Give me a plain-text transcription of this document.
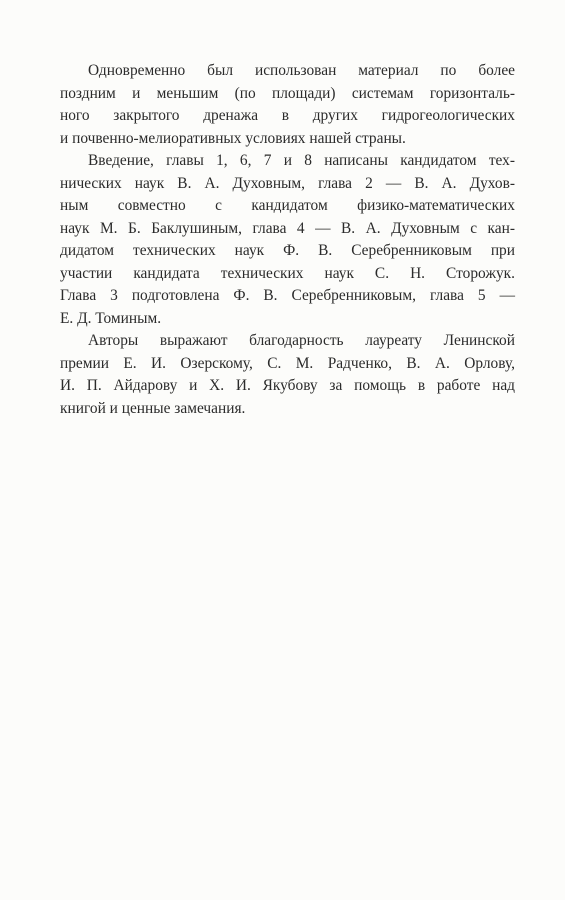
Одновременно был использован материал по более
поздним и меньшим (по площади) системам горизонталь-
ного закрытого дренажа в других гидрогеологических
и почвенно-мелиоративных условиях нашей страны.
Введение, главы 1, 6, 7 и 8 написаны кандидатом тех-
нических наук В. А. Духовным, глава 2 — В. А. Духов-
ным совместно с кандидатом физико-математических
наук М. Б. Баклушиным, глава 4 — В. А. Духовным с кан-
дидатом технических наук Ф. В. Серебренниковым при
участии кандидата технических наук С. Н. Сторожук.
Глава 3 подготовлена Ф. В. Серебренниковым, глава 5 —
Е. Д. Томиным.
Авторы выражают благодарность лауреату Ленинской
премии Е. И. Озерскому, С. М. Радченко, В. А. Орлову,
И. П. Айдарову и Х. И. Якубову за помощь в работе над
книгой и ценные замечания.
